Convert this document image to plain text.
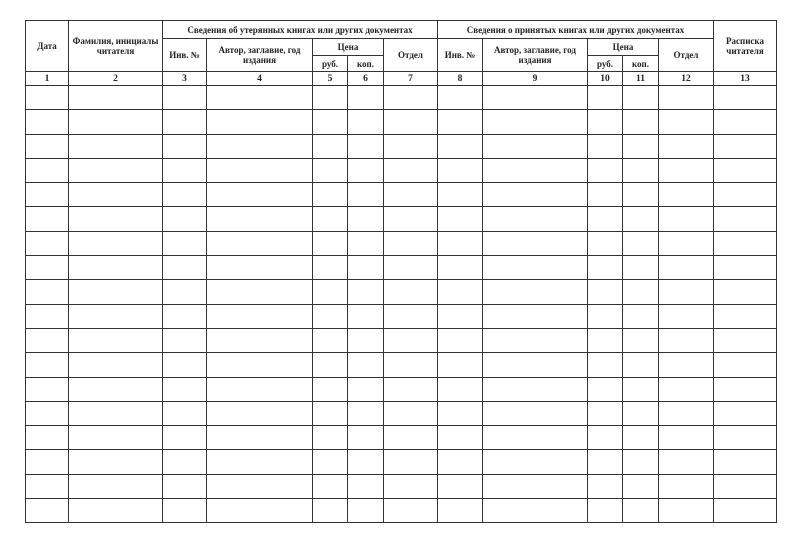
Дата	Фамилия, инициалы читателя	Сведения об утерянных книгах или других документах					Сведения о принятых книгах или других документах					Расписка читателя
		Инв. №	Автор, заглавие, год издания	Цена		Отдел	Инв. №	Автор, заглавие, год издания	Цена		Отдел	
				руб.	коп.				руб.	коп.		
1	2	3	4	5	6	7	8	9	10	11	12	13
